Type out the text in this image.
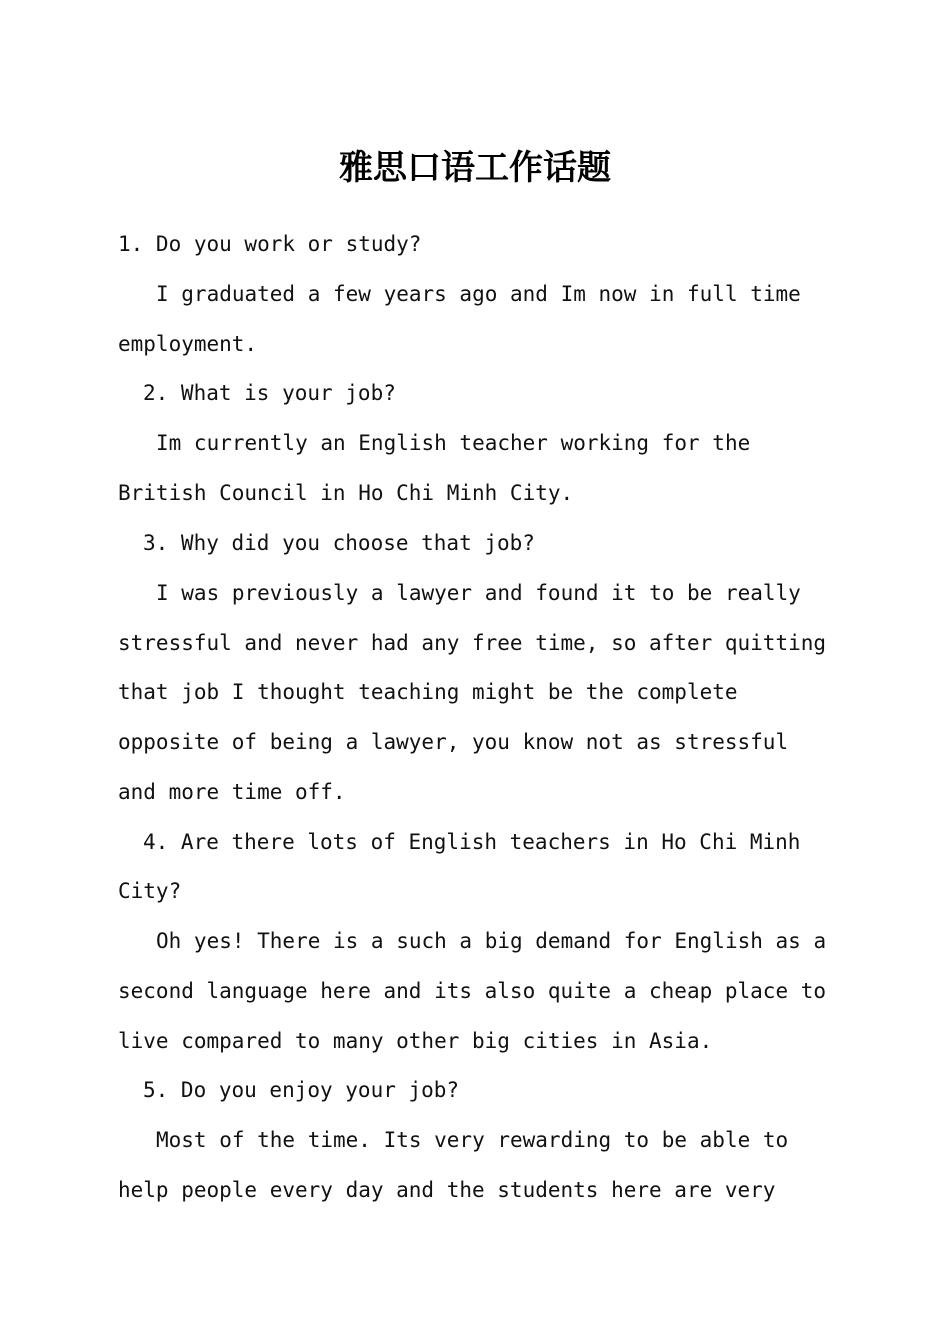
雅思口语工作话题

1. Do you work or study?

I graduated a few years ago and Im now in full time

employment.

2. What is your job?

Im currently an English teacher working for the

British Council in Ho Chi Minh City.

3. Why did you choose that job?

I was previously a lawyer and found it to be really

stressful and never had any free time, so after quitting

that job I thought teaching might be the complete

opposite of being a lawyer, you know not as stressful

and more time off.

4. Are there lots of English teachers in Ho Chi Minh

City?

Oh yes! There is a such a big demand for English as a

second language here and its also quite a cheap place to

live compared to many other big cities in Asia.

5. Do you enjoy your job?

Most of the time. Its very rewarding to be able to

help people every day and the students here are very
